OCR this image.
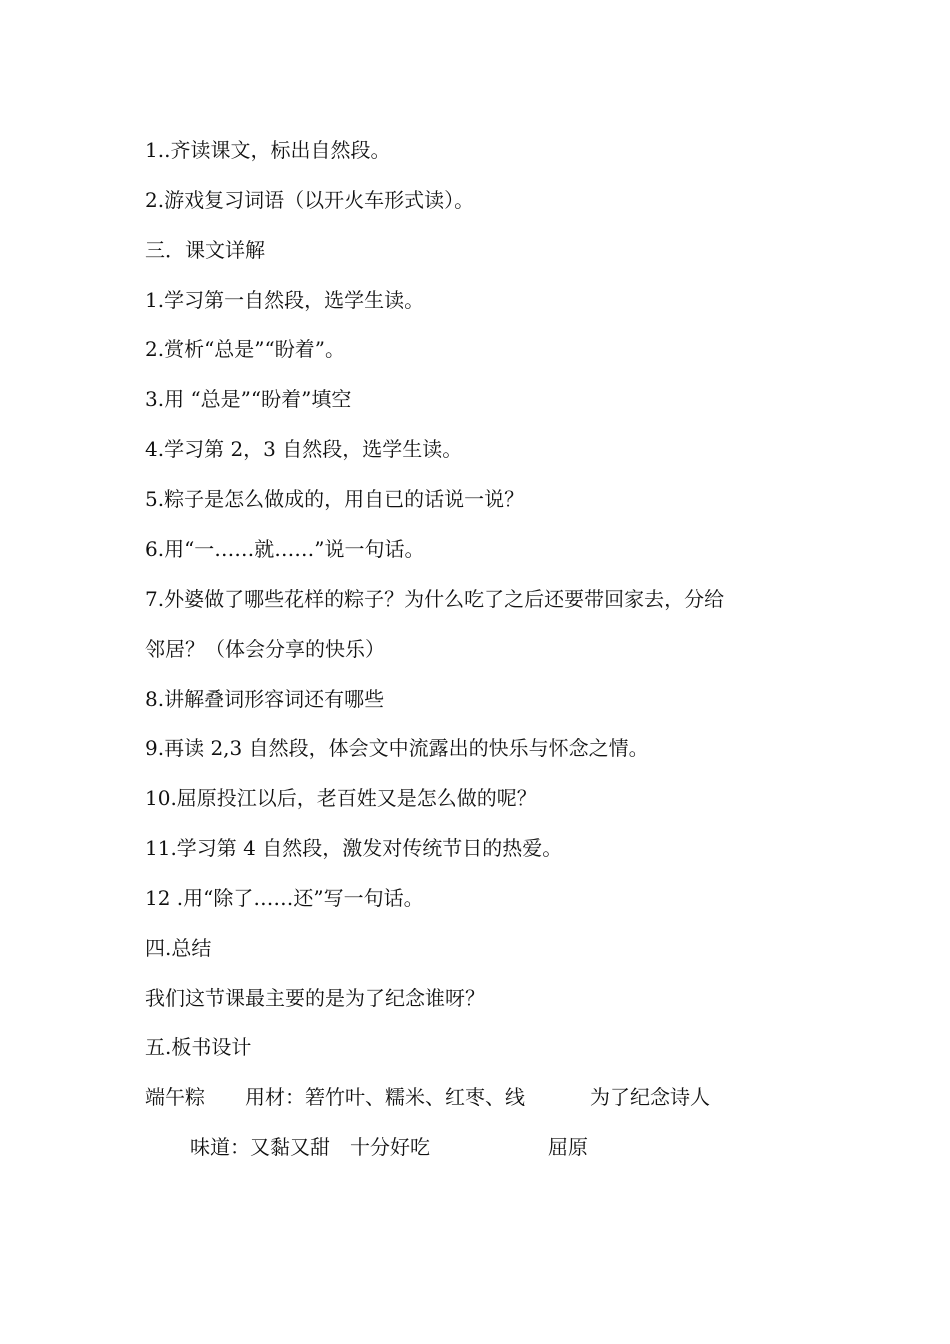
1..齐读课文，标出自然段。
2.游戏复习词语（以开火车形式读）。
三．课文详解
1.学习第一自然段，选学生读。
2.赏析“总是”“盼着”。
3.用 “总是”“盼着”填空
4.学习第 2，3 自然段，选学生读。
5.粽子是怎么做成的，用自已的话说一说？
6.用“一……就……”说一句话。
7.外婆做了哪些花样的粽子？为什么吃了之后还要带回家去，分给
邻居？（体会分享的快乐）
8.讲解叠词形容词还有哪些
9.再读 2,3 自然段，体会文中流露出的快乐与怀念之情。
10.屈原投江以后，老百姓又是怎么做的呢？
11.学习第 4 自然段，激发对传统节日的热爱。
12 .用“除了……还”写一句话。
四.总结
我们这节课最主要的是为了纪念谁呀？
五.板书设计
端午粽 用材：箬竹叶、糯米、红枣、线	为了纪念诗人
味道：又黏又甜　十分好吃	屈原
